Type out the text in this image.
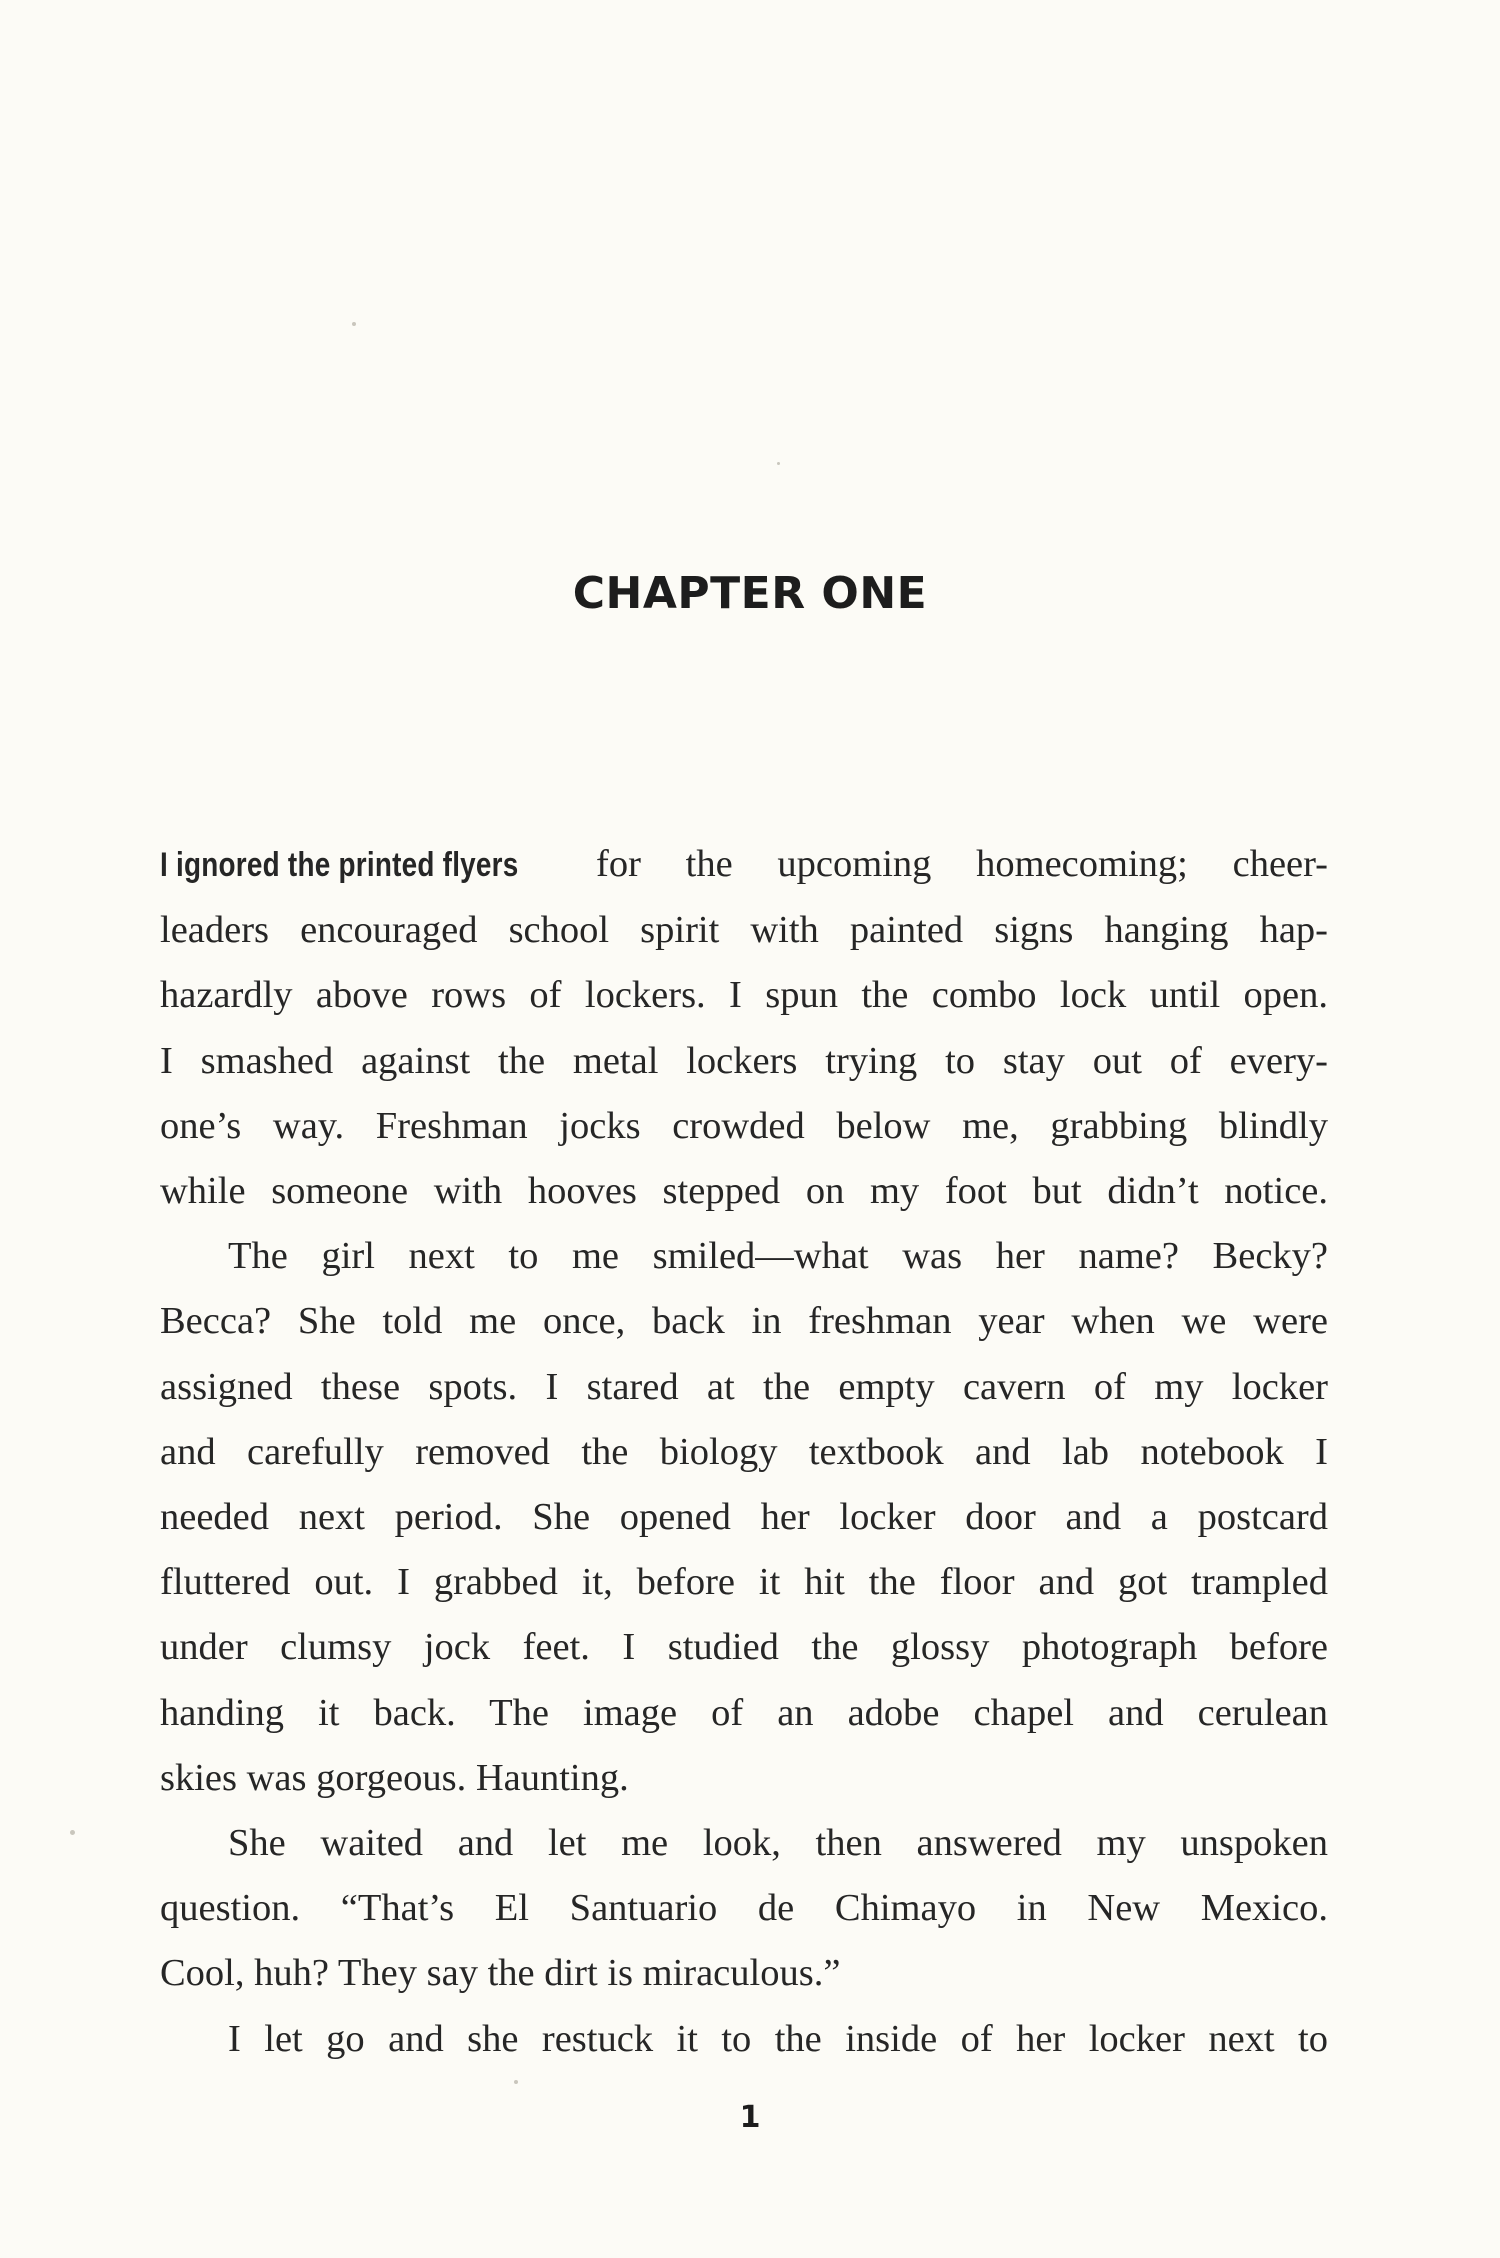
CHAPTER ONE
I ignored the printed flyers for the upcoming homecoming; cheer-
leaders encouraged school spirit with painted signs hanging hap-
hazardly above rows of lockers. I spun the combo lock until open.
I smashed against the metal lockers trying to stay out of every-
one’s way. Freshman jocks crowded below me, grabbing blindly
while someone with hooves stepped on my foot but didn’t notice.
The girl next to me smiled—what was her name? Becky?
Becca? She told me once, back in freshman year when we were
assigned these spots. I stared at the empty cavern of my locker
and carefully removed the biology textbook and lab notebook I
needed next period. She opened her locker door and a postcard
fluttered out. I grabbed it, before it hit the floor and got trampled
under clumsy jock feet. I studied the glossy photograph before
handing it back. The image of an adobe chapel and cerulean
skies was gorgeous. Haunting.
She waited and let me look, then answered my unspoken
question. “That’s El Santuario de Chimayo in New Mexico.
Cool, huh? They say the dirt is miraculous.”
I let go and she restuck it to the inside of her locker next to
1
